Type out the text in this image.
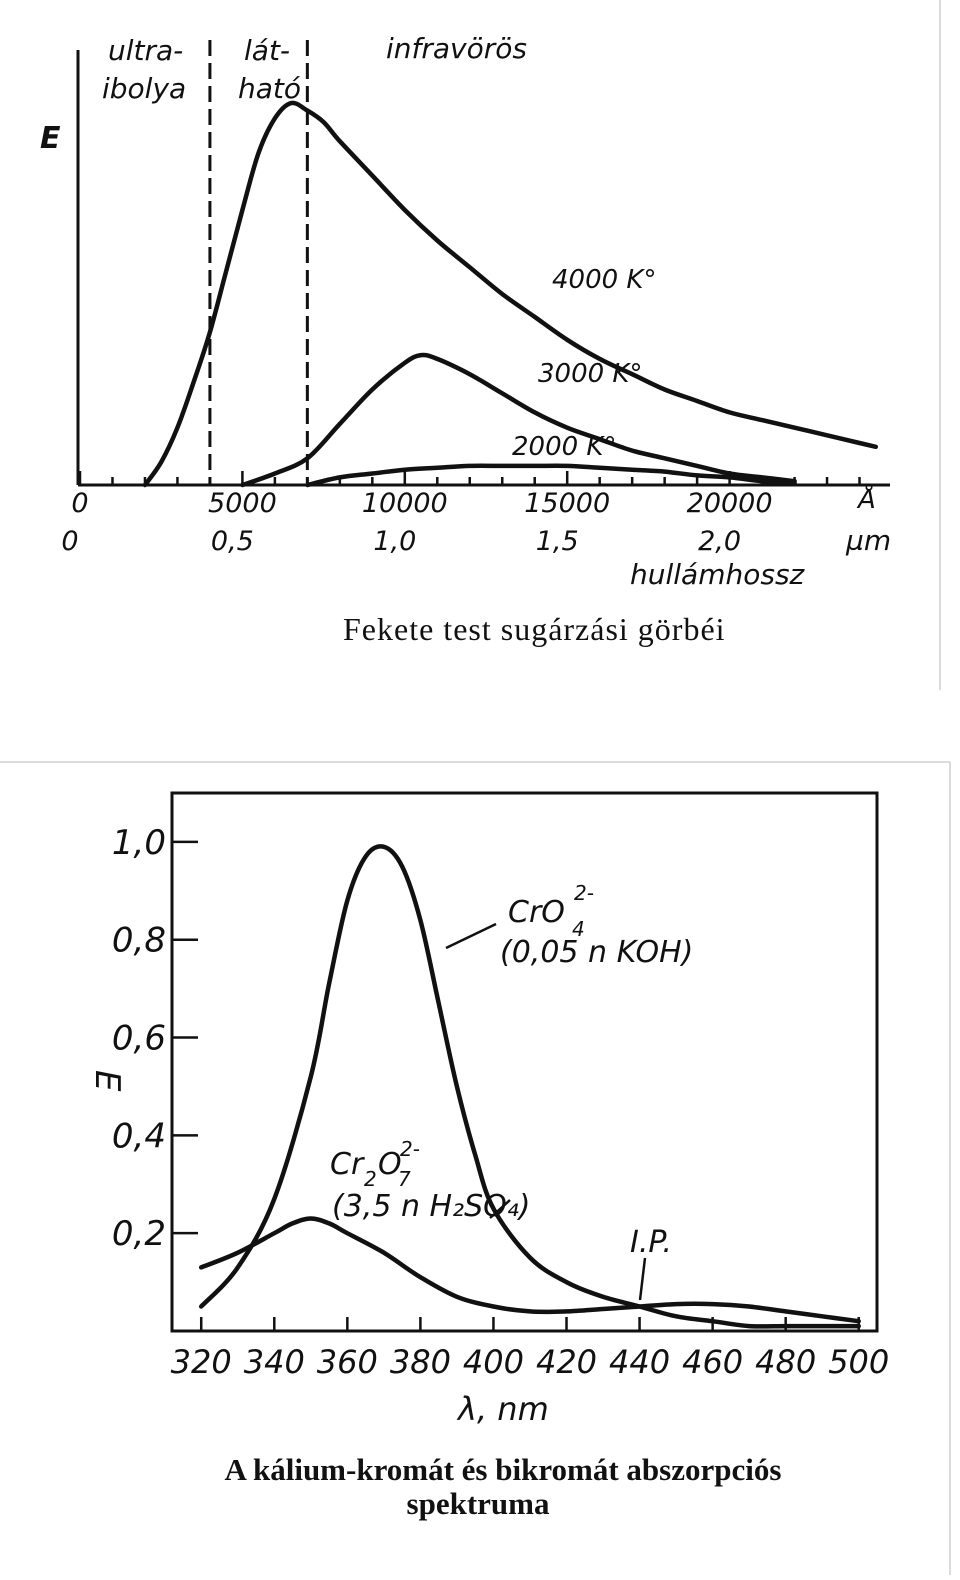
0	5000	10000	15000	20000
0	0,5	1,0	1,5	2,0
E
ultra-
ibolya
lát-
ható
infravörös
4000 K°
3000 K°
2000 K°
Å
µm
hullámhossz
Fekete test sugárzási görbéi
0,2
0,4
0,6
0,8
1,0
320 340 360 380 400 420 440 460 480 500
E
CrO 4
2-
(0,05 n KOH)
Cr 2 O
7
2-
(3,5 n H₂SO₄)
I.P.
λ, nm
A kálium-kromát és bikromát abszorpciós
spektruma
